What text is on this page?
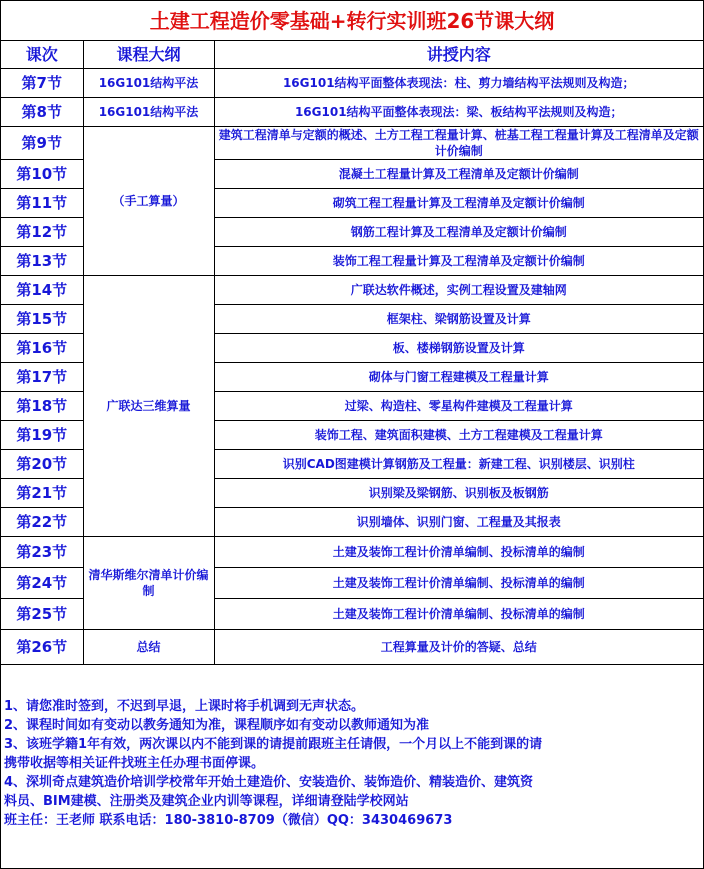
土建工程造价零基础+转行实训班26节课大纲		
课次	课程大纲	讲授内容
第7节	16G101结构平法	16G101结构平面整体表现法：柱、剪力墙结构平法规则及构造；
第8节	16G101结构平法	16G101结构平面整体表现法：梁、板结构平法规则及构造；
第9节	（手工算量）	建筑工程清单与定额的概述、土方工程工程量计算、桩基工程工程量计算及工程清单及定额计价编制
第10节		混凝土工程量计算及工程清单及定额计价编制
第11节		砌筑工程工程量计算及工程清单及定额计价编制
第12节		钢筋工程计算及工程清单及定额计价编制
第13节		装饰工程工程量计算及工程清单及定额计价编制
第14节	广联达三维算量	广联达软件概述，实例工程设置及建轴网
第15节		框架柱、梁钢筋设置及计算
第16节		板、楼梯钢筋设置及计算
第17节		砌体与门窗工程建模及工程量计算
第18节		过梁、构造柱、零星构件建模及工程量计算
第19节		装饰工程、建筑面积建模、土方工程建模及工程量计算
第20节		识别CAD图建模计算钢筋及工程量：新建工程、识别楼层、识别柱
第21节		识别梁及梁钢筋、识别板及板钢筋
第22节		识别墙体、识别门窗、工程量及其报表
第23节	清华斯维尔清单计价编制	土建及装饰工程计价清单编制、投标清单的编制
第24节		土建及装饰工程计价清单编制、投标清单的编制
第25节		土建及装饰工程计价清单编制、投标清单的编制
第26节	总结	工程算量及计价的答疑、总结
1、请您准时签到，不迟到早退，上课时将手机调到无声状态。
2、课程时间如有变动以教务通知为准，课程顺序如有变动以教师通知为准
3、该班学籍1年有效，两次课以内不能到课的请提前跟班主任请假，一个月以上不能到课的请
携带收据等相关证件找班主任办理书面停课。
4、深圳奇点建筑造价培训学校常年开始土建造价、安装造价、装饰造价、精装造价、建筑资
料员、BIM建模、注册类及建筑企业内训等课程，详细请登陆学校网站
班主任：王老师 联系电话：180-3810-8709（微信）QQ：3430469673
